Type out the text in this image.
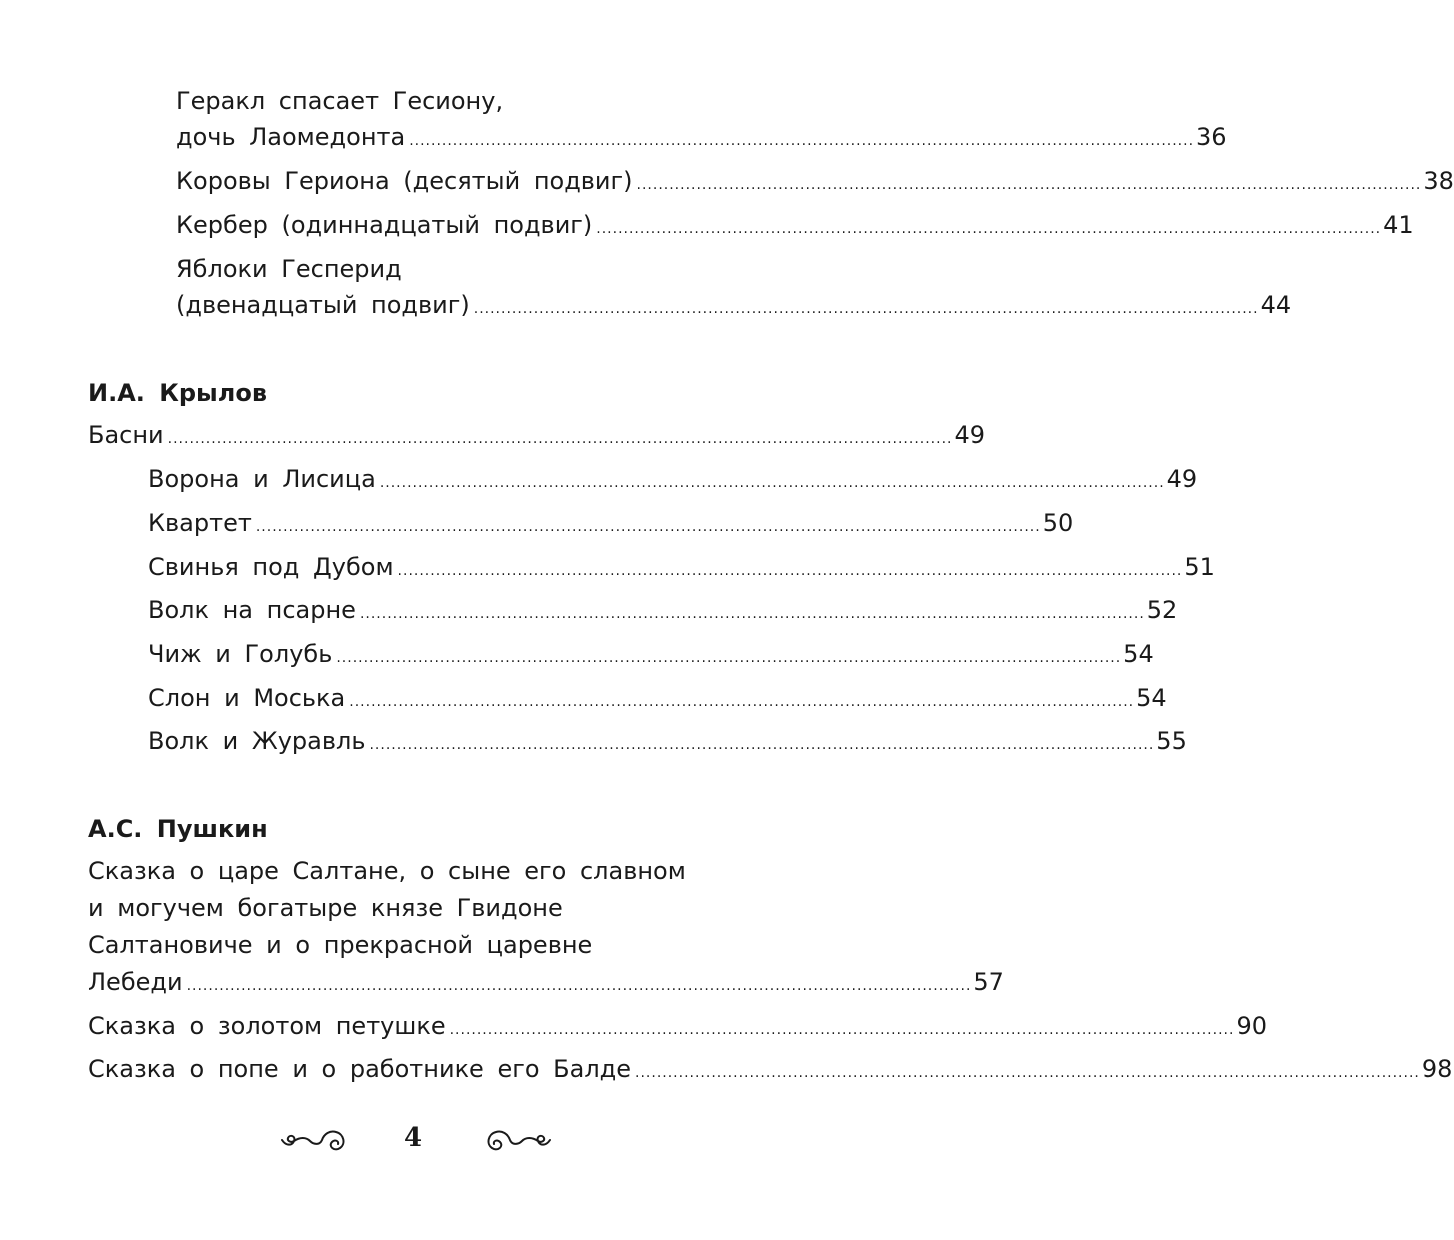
Геракл спасает Гесиону,
дочь Лаомедонта ................................................................................................................................................ 36
Коровы Гериона (десятый подвиг) ................................................................................................................................................ 38
Кербер (одиннадцатый подвиг) ................................................................................................................................................ 41
Яблоки Гесперид
(двенадцатый подвиг) ................................................................................................................................................ 44
И.А. Крылов
Басни ................................................................................................................................................ 49
Ворона и Лисица ................................................................................................................................................ 49
Квартет ................................................................................................................................................ 50
Свинья под Дубом ................................................................................................................................................ 51
Волк на псарне ................................................................................................................................................ 52
Чиж и Голубь ................................................................................................................................................ 54
Слон и Моська ................................................................................................................................................ 54
Волк и Журавль ................................................................................................................................................ 55
А.С. Пушкин
Сказка о царе Салтане, о сыне его славном
и могучем богатыре князе Гвидоне
Салтановиче и о прекрасной царевне
Лебеди ................................................................................................................................................ 57
Сказка о золотом петушке ................................................................................................................................................ 90
Сказка о попе и о работнике его Балде ................................................................................................................................................ 98
4
